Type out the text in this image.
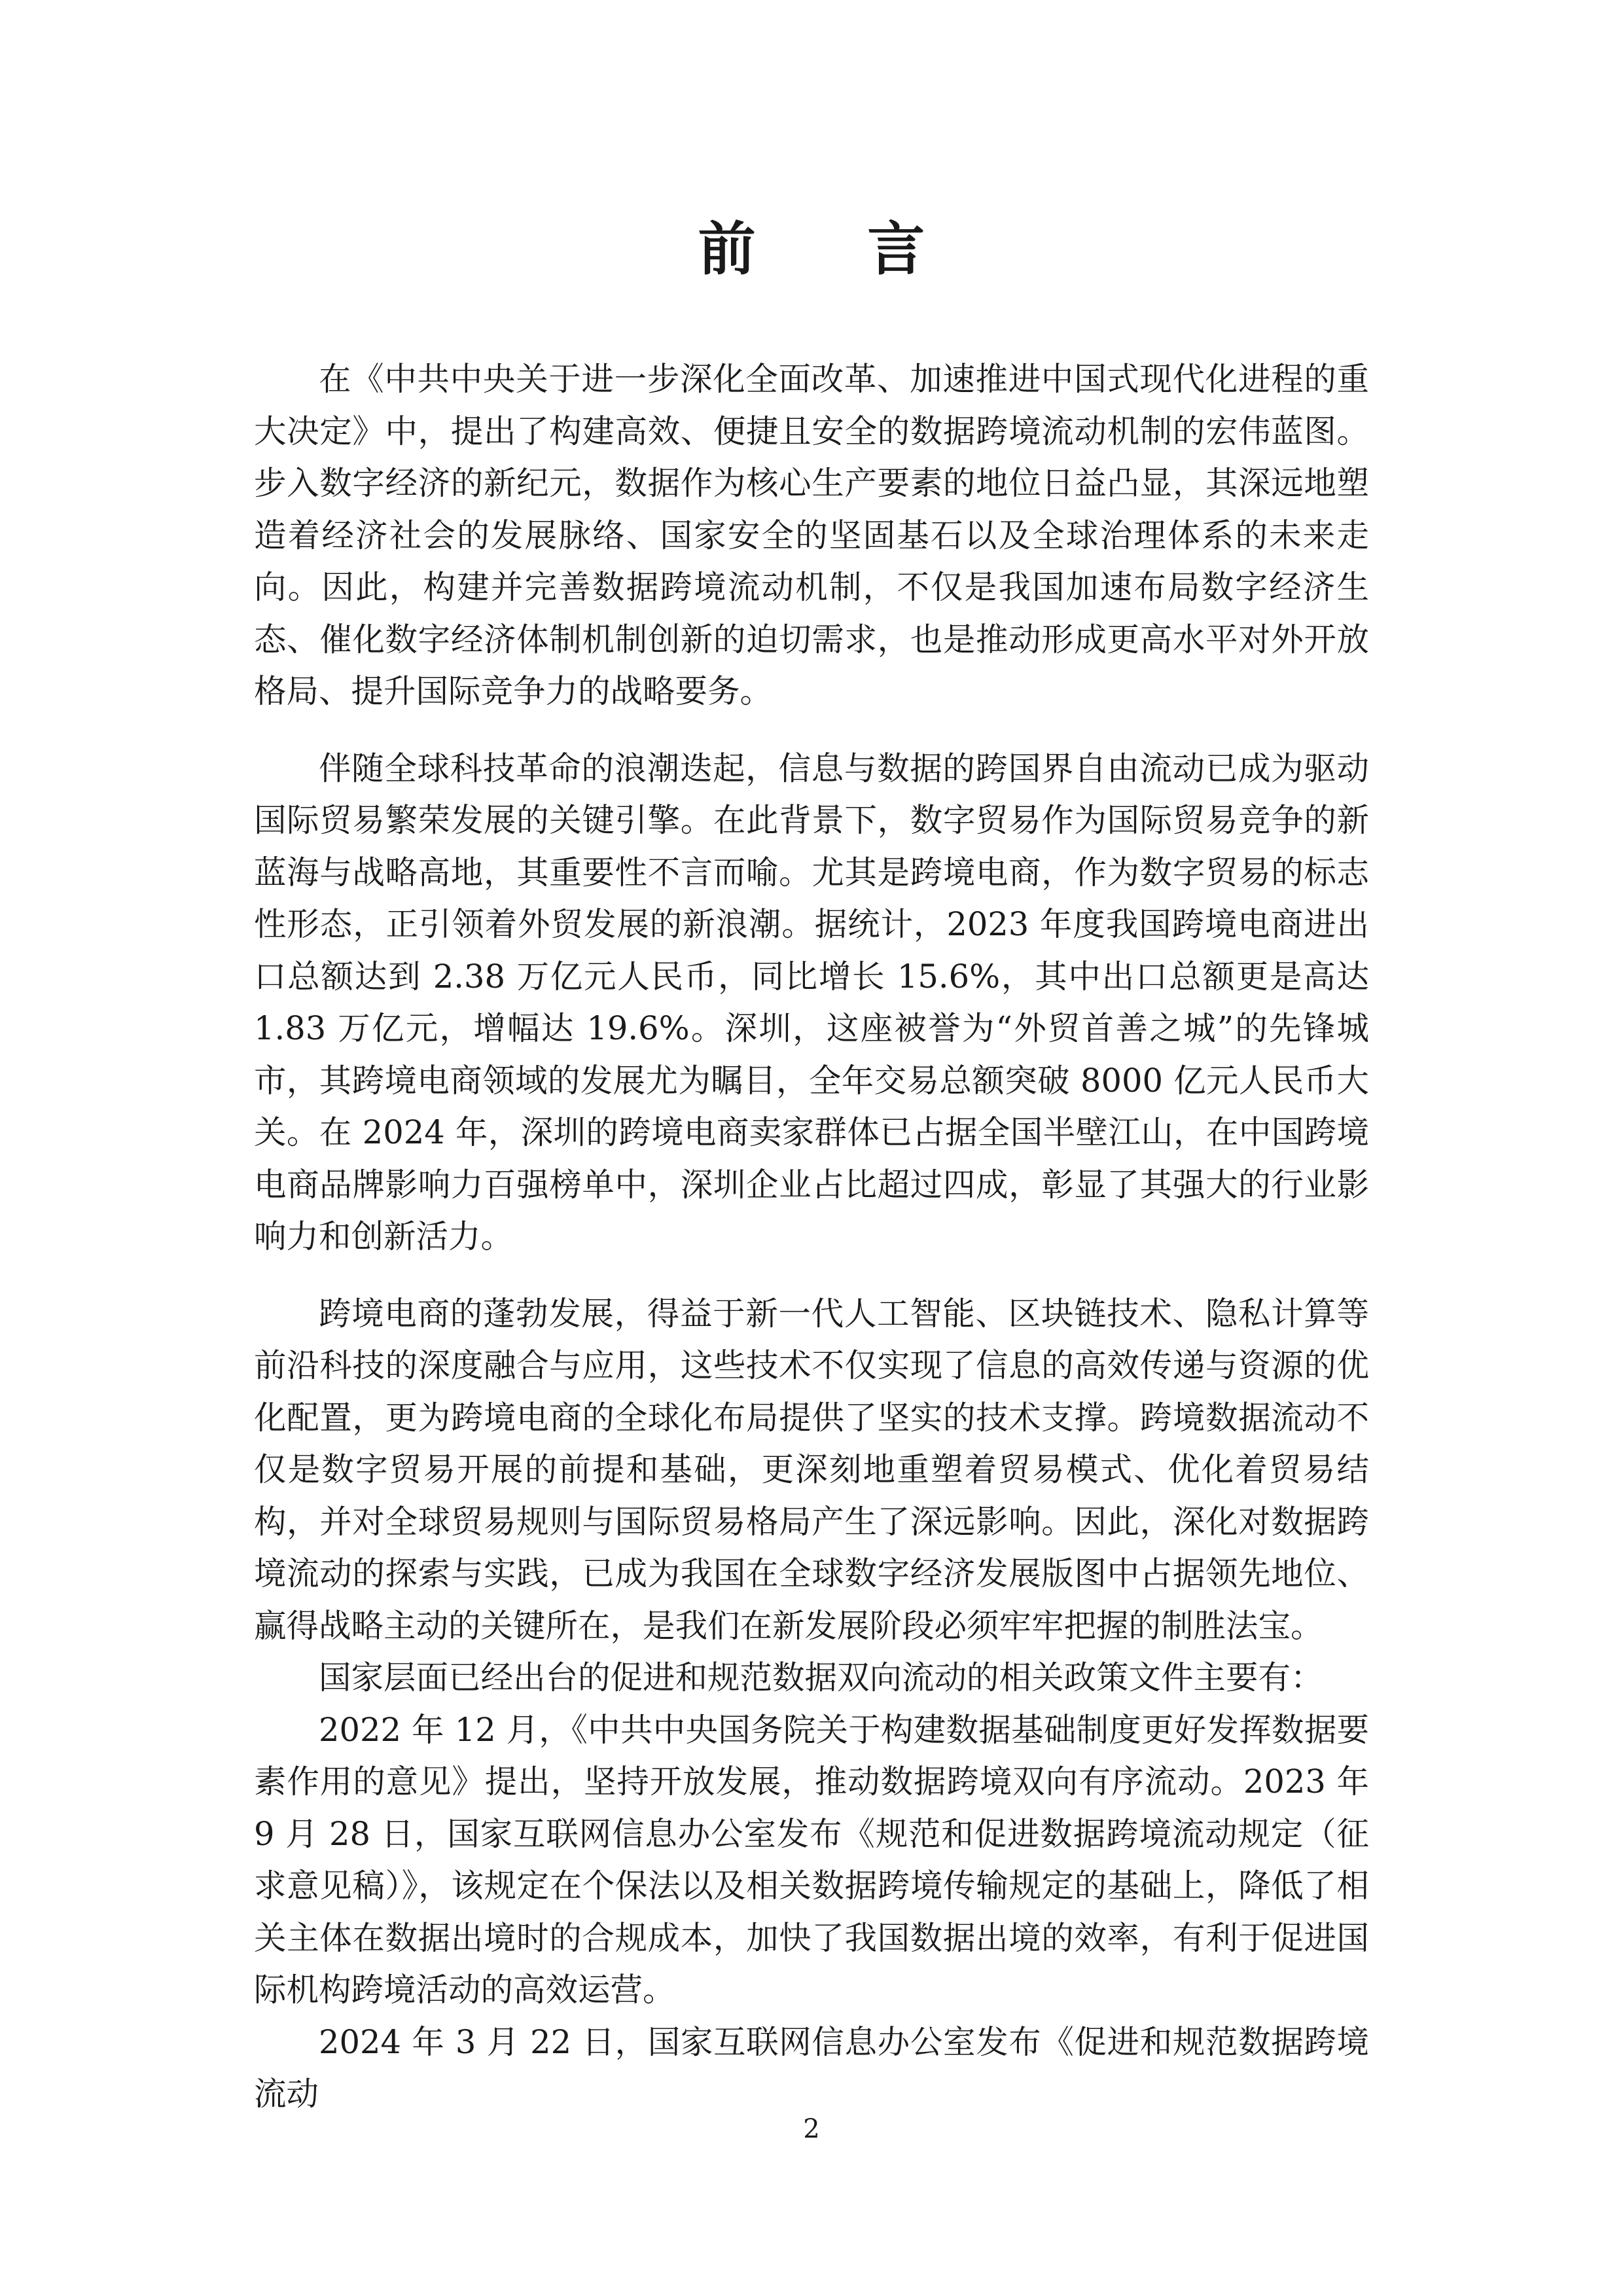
前 言

在《中共中央关于进一步深化全面改革、加速推进中国式现代化进程的重大决定》中，提出了构建高效、便捷且安全的数据跨境流动机制的宏伟蓝图。步入数字经济的新纪元，数据作为核心生产要素的地位日益凸显，其深远地塑造着经济社会的发展脉络、国家安全的坚固基石以及全球治理体系的未来走向。因此，构建并完善数据跨境流动机制，不仅是我国加速布局数字经济生态、催化数字经济体制机制创新的迫切需求，也是推动形成更高水平对外开放格局、提升国际竞争力的战略要务。

伴随全球科技革命的浪潮迭起，信息与数据的跨国界自由流动已成为驱动国际贸易繁荣发展的关键引擎。在此背景下，数字贸易作为国际贸易竞争的新蓝海与战略高地，其重要性不言而喻。尤其是跨境电商，作为数字贸易的标志性形态，正引领着外贸发展的新浪潮。据统计，2023 年度我国跨境电商进出口总额达到 2.38 万亿元人民币，同比增长 15.6%，其中出口总额更是高达 1.83 万亿元，增幅达 19.6%。深圳，这座被誉为“外贸首善之城”的先锋城市，其跨境电商领域的发展尤为瞩目，全年交易总额突破 8000 亿元人民币大关。在 2024 年，深圳的跨境电商卖家群体已占据全国半壁江山，在中国跨境电商品牌影响力百强榜单中，深圳企业占比超过四成，彰显了其强大的行业影响力和创新活力。

跨境电商的蓬勃发展，得益于新一代人工智能、区块链技术、隐私计算等前沿科技的深度融合与应用，这些技术不仅实现了信息的高效传递与资源的优化配置，更为跨境电商的全球化布局提供了坚实的技术支撑。跨境数据流动不仅是数字贸易开展的前提和基础，更深刻地重塑着贸易模式、优化着贸易结构，并对全球贸易规则与国际贸易格局产生了深远影响。因此，深化对数据跨境流动的探索与实践，已成为我国在全球数字经济发展版图中占据领先地位、赢得战略主动的关键所在，是我们在新发展阶段必须牢牢把握的制胜法宝。

国家层面已经出台的促进和规范数据双向流动的相关政策文件主要有：

2022 年 12 月，《中共中央国务院关于构建数据基础制度更好发挥数据要素作用的意见》提出，坚持开放发展，推动数据跨境双向有序流动。2023 年 9 月 28 日，国家互联网信息办公室发布《规范和促进数据跨境流动规定（征求意见稿）》，该规定在个保法以及相关数据跨境传输规定的基础上，降低了相关主体在数据出境时的合规成本，加快了我国数据出境的效率，有利于促进国际机构跨境活动的高效运营。

2024 年 3 月 22 日，国家互联网信息办公室发布《促进和规范数据跨境流动

2
